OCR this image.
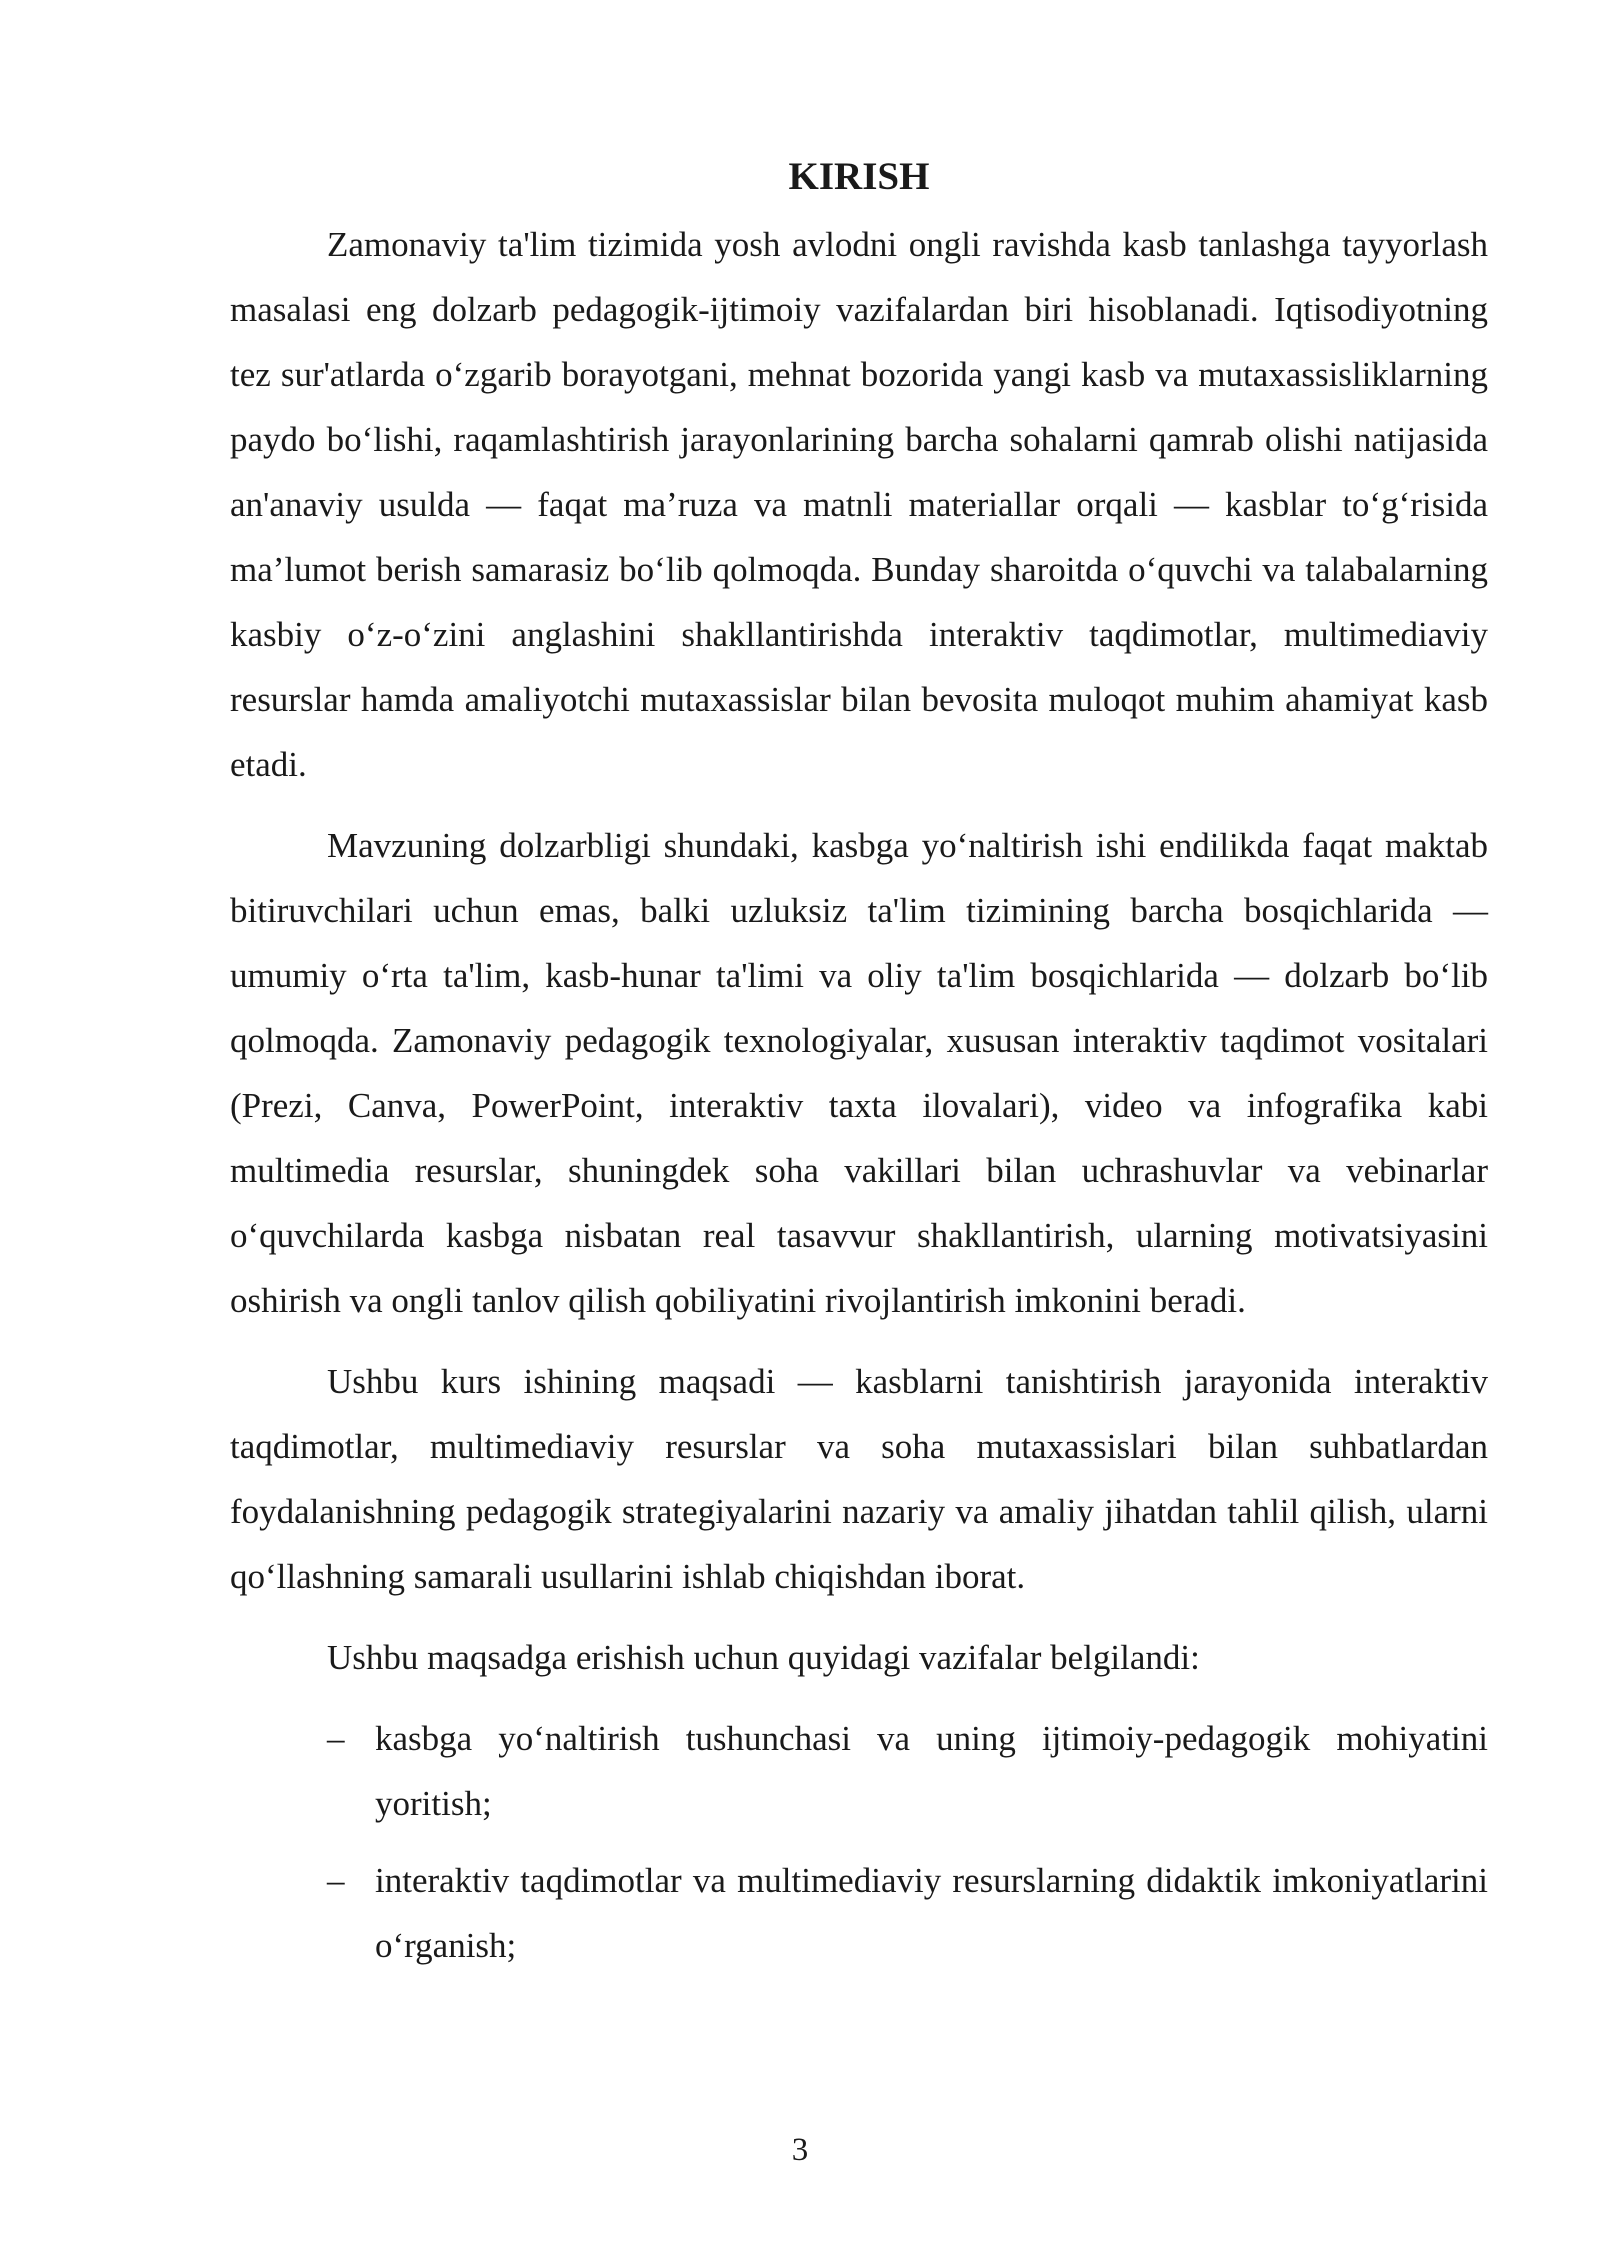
KIRISH

Zamonaviy ta'lim tizimida yosh avlodni ongli ravishda kasb tanlashga tayyorlash masalasi eng dolzarb pedagogik-ijtimoiy vazifalardan biri hisoblanadi. Iqtisodiyotning tez sur'atlarda o‘zgarib borayotgani, mehnat bozorida yangi kasb va mutaxassisliklarning paydo bo‘lishi, raqamlashtirish jarayonlarining barcha sohalarni qamrab olishi natijasida an'anaviy usulda — faqat ma’ruza va matnli materiallar orqali — kasblar to‘g‘risida ma’lumot berish samarasiz bo‘lib qolmoqda. Bunday sharoitda o‘quvchi va talabalarning kasbiy o‘z-o‘zini anglashini shakllantirishda interaktiv taqdimotlar, multimediaviy resurslar hamda amaliyotchi mutaxassislar bilan bevosita muloqot muhim ahamiyat kasb etadi.

Mavzuning dolzarbligi shundaki, kasbga yo‘naltirish ishi endilikda faqat maktab bitiruvchilari uchun emas, balki uzluksiz ta'lim tizimining barcha bosqichlarida — umumiy o‘rta ta'lim, kasb-hunar ta'limi va oliy ta'lim bosqichlarida — dolzarb bo‘lib qolmoqda. Zamonaviy pedagogik texnologiyalar, xususan interaktiv taqdimot vositalari (Prezi, Canva, PowerPoint, interaktiv taxta ilovalari), video va infografika kabi multimedia resurslar, shuningdek soha vakillari bilan uchrashuvlar va vebinarlar o‘quvchilarda kasbga nisbatan real tasavvur shakllantirish, ularning motivatsiyasini oshirish va ongli tanlov qilish qobiliyatini rivojlantirish imkonini beradi.

Ushbu kurs ishining maqsadi — kasblarni tanishtirish jarayonida interaktiv taqdimotlar, multimediaviy resurslar va soha mutaxassislari bilan suhbatlardan foydalanishning pedagogik strategiyalarini nazariy va amaliy jihatdan tahlil qilish, ularni qo‘llashning samarali usullarini ishlab chiqishdan iborat.

Ushbu maqsadga erishish uchun quyidagi vazifalar belgilandi:

– kasbga yo‘naltirish tushunchasi va uning ijtimoiy-pedagogik mohiyatini yoritish;
– interaktiv taqdimotlar va multimediaviy resurslarning didaktik imkoniyatlarini o‘rganish;
3
